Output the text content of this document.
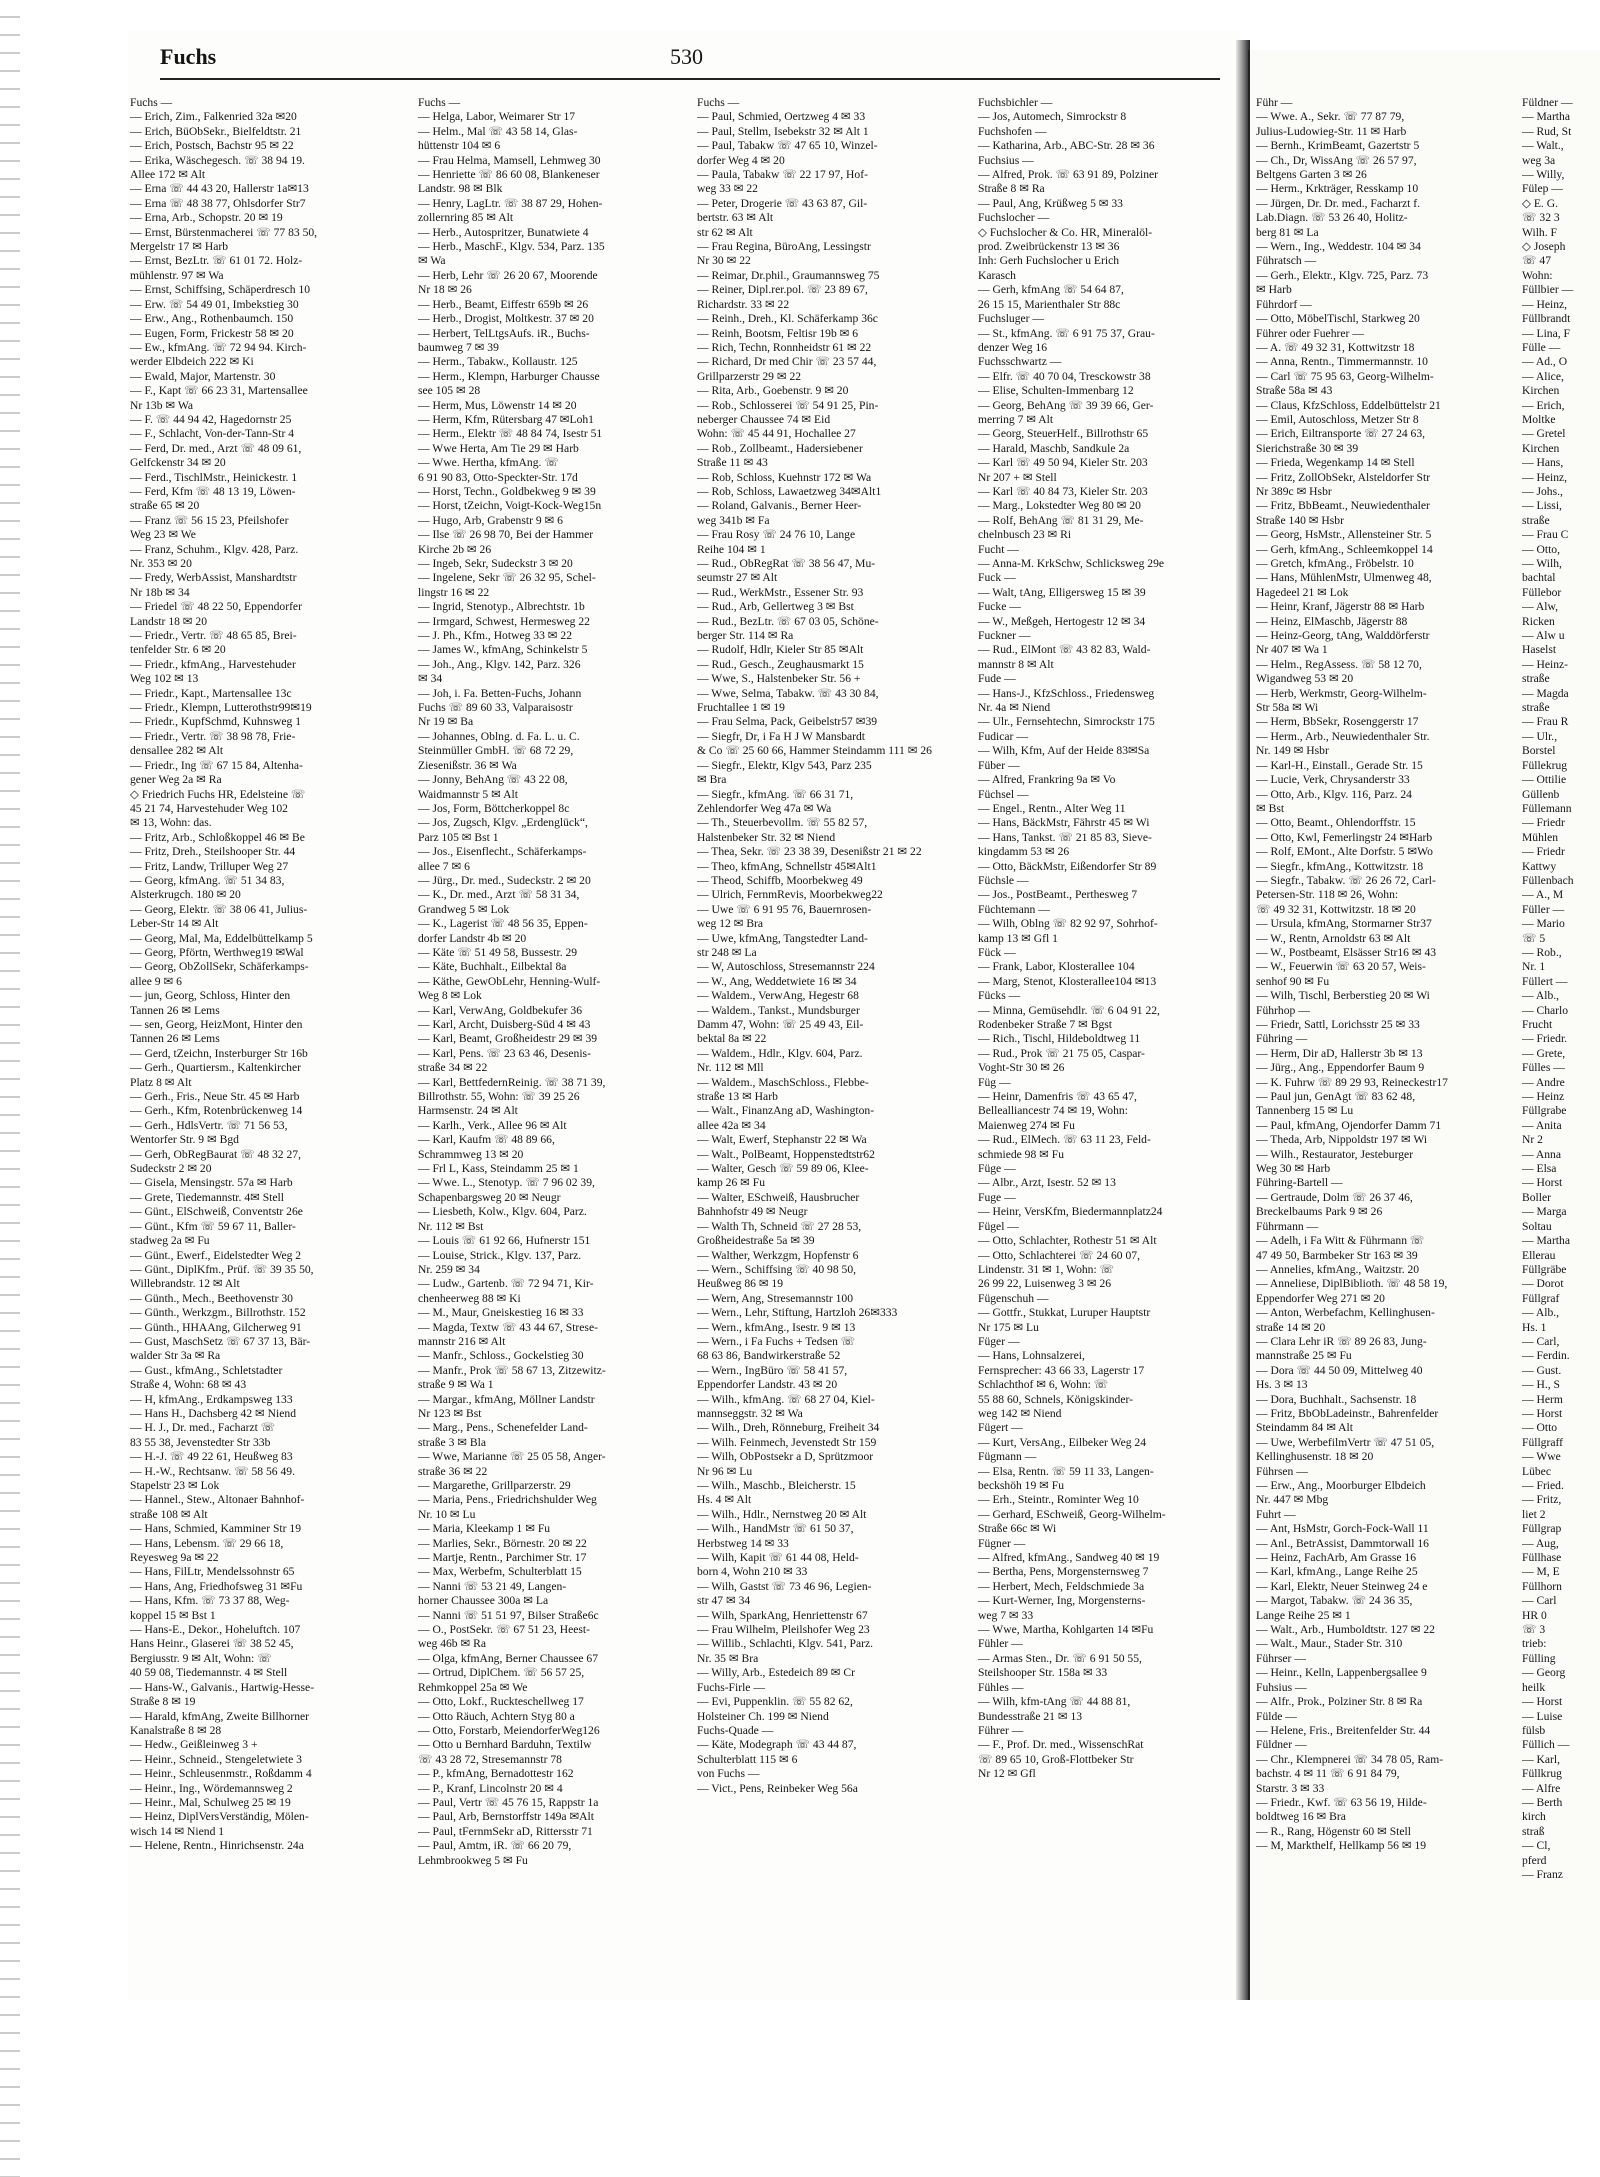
Fuchs	530
Fuchs —
— Erich, Zim., Falkenried 32a ✉20
— Erich, BüObSekr., Bielfeldtstr. 21
— Erich, Postsch, Bachstr 95 ✉ 22
— Erika, Wäschegesch. ☏ 38 94 19.
Allee 172 ✉ Alt
— Erna ☏ 44 43 20, Hallerstr 1a✉13
— Erna ☏ 48 38 77, Ohlsdorfer Str7
— Erna, Arb., Schopstr. 20 ✉ 19
— Ernst, Bürstenmacherei ☏ 77 83 50,
Mergelstr 17 ✉ Harb
— Ernst, BezLtr. ☏ 61 01 72. Holz-
mühlenstr. 97 ✉ Wa
— Ernst, Schiffsing, Schäperdresch 10
— Erw. ☏ 54 49 01, Imbekstieg 30
— Erw., Ang., Rothenbaumch. 150
— Eugen, Form, Frickestr 58 ✉ 20
— Ew., kfmAng. ☏ 72 94 94. Kirch-
werder Elbdeich 222 ✉ Ki
— Ewald, Major, Martenstr. 30
— F., Kapt ☏ 66 23 31, Martensallee
Nr 13b ✉ Wa
— F. ☏ 44 94 42, Hagedornstr 25
— F., Schlacht, Von-der-Tann-Str 4
— Ferd, Dr. med., Arzt ☏ 48 09 61,
Gelfckenstr 34 ✉ 20
— Ferd., TischlMstr., Heinickestr. 1
— Ferd, Kfm ☏ 48 13 19, Löwen-
straße 65 ✉ 20
— Franz ☏ 56 15 23, Pfeilshofer
Weg 23 ✉ We
— Franz, Schuhm., Klgv. 428, Parz.
Nr. 353 ✉ 20
— Fredy, WerbAssist, Manshardtstr
Nr 18b ✉ 34
— Friedel ☏ 48 22 50, Eppendorfer
Landstr 18 ✉ 20
— Friedr., Vertr. ☏ 48 65 85, Brei-
tenfelder Str. 6 ✉ 20
— Friedr., kfmAng., Harvestehuder
Weg 102 ✉ 13
— Friedr., Kapt., Martensallee 13c
— Friedr., Klempn, Lutterothstr99✉19
— Friedr., KupfSchmd, Kuhnsweg 1
— Friedr., Vertr. ☏ 38 98 78, Frie-
densallee 282 ✉ Alt
— Friedr., Ing ☏ 67 15 84, Altenha-
gener Weg 2a ✉ Ra
◇ Friedrich Fuchs HR, Edelsteine ☏
45 21 74, Harvestehuder Weg 102
✉ 13, Wohn: das.
— Fritz, Arb., Schloßkoppel 46 ✉ Be
— Fritz, Dreh., Steilshooper Str. 44
— Fritz, Landw, Trilluper Weg 27
— Georg, kfmAng. ☏ 51 34 83,
Alsterkrugch. 180 ✉ 20
— Georg, Elektr. ☏ 38 06 41, Julius-
Leber-Str 14 ✉ Alt
— Georg, Mal, Ma, Eddelbüttelkamp 5
— Georg, Pförtn, Werthweg19 ✉Wal
— Georg, ObZollSekr, Schäferkamps-
allee 9 ✉ 6
— jun, Georg, Schloss, Hinter den
Tannen 26 ✉ Lems
— sen, Georg, HeizMont, Hinter den
Tannen 26 ✉ Lems
— Gerd, tZeichn, Insterburger Str 16b
— Gerh., Quartiersm., Kaltenkircher
Platz 8 ✉ Alt
— Gerh., Fris., Neue Str. 45 ✉ Harb
— Gerh., Kfm, Rotenbrückenweg 14
— Gerh., HdlsVertr. ☏ 71 56 53,
Wentorfer Str. 9 ✉ Bgd
— Gerh, ObRegBaurat ☏ 48 32 27,
Sudeckstr 2 ✉ 20
— Gisela, Mensingstr. 57a ✉ Harb
— Grete, Tiedemannstr. 4✉ Stell
— Günt., ElSchweiß, Conventstr 26e
— Günt., Kfm ☏ 59 67 11, Baller-
stadweg 2a ✉ Fu
— Günt., Ewerf., Eidelstedter Weg 2
— Günt., DiplKfm., Prüf. ☏ 39 35 50,
Willebrandstr. 12 ✉ Alt
— Günth., Mech., Beethovenstr 30
— Günth., Werkzgm., Billrothstr. 152
— Günth., HHAAng, Gilcherweg 91
— Gust, MaschSetz ☏ 67 37 13, Bär-
walder Str 3a ✉ Ra
— Gust., kfmAng., Schletstadter
Straße 4, Wohn: 68 ✉ 43
— H, kfmAng., Erdkampsweg 133
— Hans H., Dachsberg 42 ✉ Niend
— H. J., Dr. med., Facharzt ☏
83 55 38, Jevenstedter Str 33b
— H.-J. ☏ 49 22 61, Heußweg 83
— H.-W., Rechtsanw. ☏ 58 56 49.
Stapelstr 23 ✉ Lok
— Hannel., Stew., Altonaer Bahnhof-
straße 108 ✉ Alt
— Hans, Schmied, Kamminer Str 19
— Hans, Lebensm. ☏ 29 66 18,
Reyesweg 9a ✉ 22
— Hans, FilLtr, Mendelssohnstr 65
— Hans, Ang, Friedhofsweg 31 ✉Fu
— Hans, Kfm. ☏ 73 37 88, Weg-
koppel 15 ✉ Bst 1
— Hans-E., Dekor., Hoheluftch. 107
Hans Heinr., Glaserei ☏ 38 52 45,
Bergiusstr. 9 ✉ Alt, Wohn: ☏
40 59 08, Tiedemannstr. 4 ✉ Stell
— Hans-W., Galvanis., Hartwig-Hesse-
Straße 8 ✉ 19
— Harald, kfmAng, Zweite Billhorner
Kanalstraße 8 ✉ 28
— Hedw., Geißleinweg 3 +
— Heinr., Schneid., Stengeletwiete 3
— Heinr., Schleusenmstr., Roßdamm 4
— Heinr., Ing., Wördemannsweg 2
— Heinr., Mal, Schulweg 25 ✉ 19
— Heinz, DiplVersVerständig, Mölen-
wisch 14 ✉ Niend 1
— Helene, Rentn., Hinrichsenstr. 24a
Fuchs —
— Helga, Labor, Weimarer Str 17
— Helm., Mal ☏ 43 58 14, Glas-
hüttenstr 104 ✉ 6
— Frau Helma, Mamsell, Lehmweg 30
— Henriette ☏ 86 60 08, Blankeneser
Landstr. 98 ✉ Blk
— Henry, LagLtr. ☏ 38 87 29, Hohen-
zollernring 85 ✉ Alt
— Herb., Autospritzer, Bunatwiete 4
— Herb., MaschF., Klgv. 534, Parz. 135
✉ Wa
— Herb, Lehr ☏ 26 20 67, Moorende
Nr 18 ✉ 26
— Herb., Beamt, Eiffestr 659b ✉ 26
— Herb., Drogist, Moltkestr. 37 ✉ 20
— Herbert, TelLtgsAufs. iR., Buchs-
baumweg 7 ✉ 39
— Herm., Tabakw., Kollaustr. 125
— Herm., Klempn, Harburger Chausse
see 105 ✉ 28
— Herm, Mus, Löwenstr 14 ✉ 20
— Herm, Kfm, Rütersbarg 47 ✉Loh1
— Herm., Elektr ☏ 48 84 74, Isestr 51
— Wwe Herta, Am Tie 29 ✉ Harb
— Wwe. Hertha, kfmAng. ☏
6 91 90 83, Otto-Speckter-Str. 17d
— Horst, Techn., Goldbekweg 9 ✉ 39
— Horst, tZeichn, Voigt-Kock-Weg15n
— Hugo, Arb, Grabenstr 9 ✉ 6
— Ilse ☏ 26 98 70, Bei der Hammer
Kirche 2b ✉ 26
— Ingeb, Sekr, Sudeckstr 3 ✉ 20
— Ingelene, Sekr ☏ 26 32 95, Schel-
lingstr 16 ✉ 22
— Ingrid, Stenotyp., Albrechtstr. 1b
— Irmgard, Schwest, Hermesweg 22
— J. Ph., Kfm., Hotweg 33 ✉ 22
— James W., kfmAng, Schinkelstr 5
— Joh., Ang., Klgv. 142, Parz. 326
✉ 34
— Joh, i. Fa. Betten-Fuchs, Johann
Fuchs ☏ 89 60 33, Valparaisostr
Nr 19 ✉ Ba
— Johannes, Oblng. d. Fa. L. u. C.
Steinmüller GmbH. ☏ 68 72 29,
Ziesenißstr. 36 ✉ Wa
— Jonny, BehAng ☏ 43 22 08,
Waidmannstr 5 ✉ Alt
— Jos, Form, Böttcherkoppel 8c
— Jos, Zugsch, Klgv. „Erdenglück“,
Parz 105 ✉ Bst 1
— Jos., Eisenflecht., Schäferkamps-
allee 7 ✉ 6
— Jürg., Dr. med., Sudeckstr. 2 ✉ 20
— K., Dr. med., Arzt ☏ 58 31 34,
Grandweg 5 ✉ Lok
— K., Lagerist ☏ 48 56 35, Eppen-
dorfer Landstr 4b ✉ 20
— Käte ☏ 51 49 58, Bussestr. 29
— Käte, Buchhalt., Eilbektal 8a
— Käthe, GewObLehr, Henning-Wulf-
Weg 8 ✉ Lok
— Karl, VerwAng, Goldbekufer 36
— Karl, Archt, Duisberg-Süd 4 ✉ 43
— Karl, Beamt, Großheidestr 29 ✉ 39
— Karl, Pens. ☏ 23 63 46, Desenis-
straße 34 ✉ 22
— Karl, BettfedernReinig. ☏ 38 71 39,
Billrothstr. 55, Wohn: ☏ 39 25 26
Harmsenstr. 24 ✉ Alt
— Karlh., Verk., Allee 96 ✉ Alt
— Karl, Kaufm ☏ 48 89 66,
Schrammweg 13 ✉ 20
— Frl L, Kass, Steindamm 25 ✉ 1
— Wwe. L., Stenotyp. ☏ 7 96 02 39,
Schapenbargsweg 20 ✉ Neugr
— Liesbeth, Kolw., Klgv. 604, Parz.
Nr. 112 ✉ Bst
— Louis ☏ 61 92 66, Hufnerstr 151
— Louise, Strick., Klgv. 137, Parz.
Nr. 259 ✉ 34
— Ludw., Gartenb. ☏ 72 94 71, Kir-
chenheerweg 88 ✉ Ki
— M., Maur, Gneiskestieg 16 ✉ 33
— Magda, Textw ☏ 43 44 67, Strese-
mannstr 216 ✉ Alt
— Manfr., Schloss., Gockelstieg 30
— Manfr., Prok ☏ 58 67 13, Zitzewitz-
straße 9 ✉ Wa 1
— Margar., kfmAng, Möllner Landstr
Nr 123 ✉ Bst
— Marg., Pens., Schenefelder Land-
straße 3 ✉ Bla
— Wwe, Marianne ☏ 25 05 58, Anger-
straße 36 ✉ 22
— Margarethe, Grillparzerstr. 29
— Maria, Pens., Friedrichshulder Weg
Nr. 10 ✉ Lu
— Maria, Kleekamp 1 ✉ Fu
— Marlies, Sekr., Börnestr. 20 ✉ 22
— Martje, Rentn., Parchimer Str. 17
— Max, Werbefm, Schulterblatt 15
— Nanni ☏ 53 21 49, Langen-
horner Chaussee 300a ✉ La
— Nanni ☏ 51 51 97, Bilser Straße6c
— O., PostSekr. ☏ 67 51 23, Heest-
weg 46b ✉ Ra
— Olga, kfmAng, Berner Chaussee 67
— Ortrud, DiplChem. ☏ 56 57 25,
Rehmkoppel 25a ✉ We
— Otto, Lokf., Ruckteschellweg 17
— Otto Räuch, Achtern Styg 80 a
— Otto, Forstarb, MeiendorferWeg126
— Otto u Bernhard Barduhn, Textilw
☏ 43 28 72, Stresemannstr 78
— P., kfmAng, Bernadottestr 162
— P., Kranf, Lincolnstr 20 ✉ 4
— Paul, Vertr ☏ 45 76 15, Rappstr 1a
— Paul, Arb, Bernstorffstr 149a ✉Alt
— Paul, tFernmSekr aD, Rittersstr 71
— Paul, Amtm, iR. ☏ 66 20 79,
Lehmbrookweg 5 ✉ Fu
Fuchs —
— Paul, Schmied, Oertzweg 4 ✉ 33
— Paul, Stellm, Isebekstr 32 ✉ Alt 1
— Paul, Tabakw ☏ 47 65 10, Winzel-
dorfer Weg 4 ✉ 20
— Paula, Tabakw ☏ 22 17 97, Hof-
weg 33 ✉ 22
— Peter, Drogerie ☏ 43 63 87, Gil-
bertstr. 63 ✉ Alt
str 62 ✉ Alt
— Frau Regina, BüroAng, Lessingstr
Nr 30 ✉ 22
— Reimar, Dr.phil., Graumannsweg 75
— Reiner, Dipl.rer.pol. ☏ 23 89 67,
Richardstr. 33 ✉ 22
— Reinh., Dreh., Kl. Schäferkamp 36c
— Reinh, Bootsm, Feltisr 19b ✉ 6
— Rich, Techn, Ronnheidstr 61 ✉ 22
— Richard, Dr med Chir ☏ 23 57 44,
Grillparzerstr 29 ✉ 22
— Rita, Arb., Goebenstr. 9 ✉ 20
— Rob., Schlosserei ☏ 54 91 25, Pin-
neberger Chaussee 74 ✉ Eid
Wohn: ☏ 45 44 91, Hochallee 27
— Rob., Zollbeamt., Hadersiebener
Straße 11 ✉ 43
— Rob, Schloss, Kuehnstr 172 ✉ Wa
— Rob, Schloss, Lawaetzweg 34✉Alt1
— Roland, Galvanis., Berner Heer-
weg 341b ✉ Fa
— Frau Rosy ☏ 24 76 10, Lange
Reihe 104 ✉ 1
— Rud., ObRegRat ☏ 38 56 47, Mu-
seumstr 27 ✉ Alt
— Rud., WerkMstr., Essener Str. 93
— Rud., Arb, Gellertweg 3 ✉ Bst
— Rud., BezLtr. ☏ 67 03 05, Schöne-
berger Str. 114 ✉ Ra
— Rudolf, Hdlr, Kieler Str 85 ✉Alt
— Rud., Gesch., Zeughausmarkt 15
— Wwe, S., Halstenbeker Str. 56 +
— Wwe, Selma, Tabakw. ☏ 43 30 84,
Fruchtallee 1 ✉ 19
— Frau Selma, Pack, Geibelstr57 ✉39
— Siegfr, Dr, i Fa H J W Mansbardt
& Co ☏ 25 60 66, Hammer Steindamm 111 ✉ 26
— Siegfr., Elektr, Klgv 543, Parz 235
✉ Bra
— Siegfr., kfmAng. ☏ 66 31 71,
Zehlendorfer Weg 47a ✉ Wa
— Th., Steuerbevollm. ☏ 55 82 57,
Halstenbeker Str. 32 ✉ Niend
— Thea, Sekr. ☏ 23 38 39, Desenißstr 21 ✉ 22
— Theo, kfmAng, Schnellstr 45✉Alt1
— Theod, Schiffb, Moorbekweg 49
— Ulrich, FernmRevis, Moorbekweg22
— Uwe ☏ 6 91 95 76, Bauernrosen-
weg 12 ✉ Bra
— Uwe, kfmAng, Tangstedter Land-
str 248 ✉ La
— W, Autoschloss, Stresemannstr 224
— W., Ang, Weddetwiete 16 ✉ 34
— Waldem., VerwAng, Hegestr 68
— Waldem., Tankst., Mundsburger
Damm 47, Wohn: ☏ 25 49 43, Eil-
bektal 8a ✉ 22
— Waldem., Hdlr., Klgv. 604, Parz.
Nr. 112 ✉ Mll
— Waldem., MaschSchloss., Flebbe-
straße 13 ✉ Harb
— Walt., FinanzAng aD, Washington-
allee 42a ✉ 34
— Walt, Ewerf, Stephanstr 22 ✉ Wa
— Walt., PolBeamt, Hoppenstedtstr62
— Walter, Gesch ☏ 59 89 06, Klee-
kamp 26 ✉ Fu
— Walter, ESchweiß, Hausbrucher
Bahnhofstr 49 ✉ Neugr
— Walth Th, Schneid ☏ 27 28 53,
Großheidestraße 5a ✉ 39
— Walther, Werkzgm, Hopfenstr 6
— Wern., Schiffsing ☏ 40 98 50,
Heußweg 86 ✉ 19
— Wern, Ang, Stresemannstr 100
— Wern., Lehr, Stiftung, Hartzloh 26✉333
— Wern., kfmAng., Isestr. 9 ✉ 13
— Wern., i Fa Fuchs + Tedsen ☏
68 63 86, Bandwirkerstraße 52
— Wern., IngBüro ☏ 58 41 57,
Eppendorfer Landstr. 43 ✉ 20
— Wilh., kfmAng. ☏ 68 27 04, Kiel-
mannseggstr. 32 ✉ Wa
— Wilh., Dreh, Rönneburg, Freiheit 34
— Wilh. Feinmech, Jevenstedt Str 159
— Wilh, ObPostsekr a D, Sprützmoor
Nr 96 ✉ Lu
— Wilh., Maschb., Bleicherstr. 15
Hs. 4 ✉ Alt
— Wilh., Hdlr., Nernstweg 20 ✉ Alt
— Wilh., HandMstr ☏ 61 50 37,
Herbstweg 14 ✉ 33
— Wilh, Kapit ☏ 61 44 08, Held-
born 4, Wohn 210 ✉ 33
— Wilh, Gastst ☏ 73 46 96, Legien-
str 47 ✉ 34
— Wilh, SparkAng, Henriettenstr 67
— Frau Wilhelm, Pleilshofer Weg 23
— Willib., Schlachti, Klgv. 541, Parz.
Nr. 35 ✉ Bra
— Willy, Arb., Estedeich 89 ✉ Cr
Fuchs-Firle —
— Evi, Puppenklin. ☏ 55 82 62,
Holsteiner Ch. 199 ✉ Niend
Fuchs-Quade —
— Käte, Modegraph ☏ 43 44 87,
Schulterblatt 115 ✉ 6
von Fuchs —
— Vict., Pens, Reinbeker Weg 56a
Fuchsbichler —
— Jos, Automech, Simrockstr 8
Fuchshofen —
— Katharina, Arb., ABC-Str. 28 ✉ 36
Fuchsius —
— Alfred, Prok. ☏ 63 91 89, Polziner
Straße 8 ✉ Ra
— Paul, Ang, Krüßweg 5 ✉ 33
Fuchslocher —
◇ Fuchslocher & Co. HR, Mineralöl-
prod. Zweibrückenstr 13 ✉ 36
Inh: Gerh Fuchslocher u Erich
Karasch
— Gerh, kfmAng ☏ 54 64 87,
26 15 15, Marienthaler Str 88c
Fuchsluger —
— St., kfmAng. ☏ 6 91 75 37, Grau-
denzer Weg 16
Fuchsschwartz —
— Elfr. ☏ 40 70 04, Tresckowstr 38
— Elise, Schulten-Immenbarg 12
— Georg, BehAng ☏ 39 39 66, Ger-
merring 7 ✉ Alt
— Georg, SteuerHelf., Billrothstr 65
— Harald, Maschb, Sandkule 2a
— Karl ☏ 49 50 94, Kieler Str. 203
Nr 207 + ✉ Stell
— Karl ☏ 40 84 73, Kieler Str. 203
— Marg., Lokstedter Weg 80 ✉ 20
— Rolf, BehAng ☏ 81 31 29, Me-
chelnbusch 23 ✉ Ri
Fucht —
— Anna-M. KrkSchw, Schlicksweg 29e
Fuck —
— Walt, tAng, Elligersweg 15 ✉ 39
Fucke —
— W., Meßgeh, Hertogestr 12 ✉ 34
Fuckner —
— Rud., ElMont ☏ 43 82 83, Wald-
mannstr 8 ✉ Alt
Fude —
— Hans-J., KfzSchloss., Friedensweg
Nr. 4a ✉ Niend
— Ulr., Fernsehtechn, Simrockstr 175
Fudicar —
— Wilh, Kfm, Auf der Heide 83✉Sa
Füber —
— Alfred, Frankring 9a ✉ Vo
Füchsel —
— Engel., Rentn., Alter Weg 11
— Hans, BäckMstr, Fährstr 45 ✉ Wi
— Hans, Tankst. ☏ 21 85 83, Sieve-
kingdamm 53 ✉ 26
— Otto, BäckMstr, Eißendorfer Str 89
Füchsle —
— Jos., PostBeamt., Perthesweg 7
Füchtemann —
— Wilh, Oblng ☏ 82 92 97, Sohrhof-
kamp 13 ✉ Gfl 1
Fück —
— Frank, Labor, Klosterallee 104
— Marg, Stenot, Klosterallee104 ✉13
Fücks —
— Minna, Gemüsehdlr. ☏ 6 04 91 22,
Rodenbeker Straße 7 ✉ Bgst
— Rich., Tischl, Hildeboldtweg 11
— Rud., Prok ☏ 21 75 05, Caspar-
Voght-Str 30 ✉ 26
Füg —
— Heinr, Damenfris ☏ 43 65 47,
Bellealliancestr 74 ✉ 19, Wohn:
Maienweg 274 ✉ Fu
— Rud., ElMech. ☏ 63 11 23, Feld-
schmiede 98 ✉ Fu
Füge —
— Albr., Arzt, Isestr. 52 ✉ 13
Fuge —
— Heinr, VersKfm, Biedermannplatz24
Fügel —
— Otto, Schlachter, Rothestr 51 ✉ Alt
— Otto, Schlachterei ☏ 24 60 07,
Lindenstr. 31 ✉ 1, Wohn: ☏
26 99 22, Luisenweg 3 ✉ 26
Fügenschuh —
— Gottfr., Stukkat, Luruper Hauptstr
Nr 175 ✉ Lu
Füger —
— Hans, Lohnsalzerei,
Fernsprecher: 43 66 33, Lagerstr 17
Schlachthof ✉ 6, Wohn: ☏
55 88 60, Schnels, Königskinder-
weg 142 ✉ Niend
Fügert —
— Kurt, VersAng., Eilbeker Weg 24
Fügmann —
— Elsa, Rentn. ☏ 59 11 33, Langen-
beckshöh 19 ✉ Fu
— Erh., Steintr., Rominter Weg 10
— Gerhard, ESchweiß, Georg-Wilhelm-
Straße 66c ✉ Wi
Fügner —
— Alfred, kfmAng., Sandweg 40 ✉ 19
— Bertha, Pens, Morgensternsweg 7
— Herbert, Mech, Feldschmiede 3a
— Kurt-Werner, Ing, Morgensterns-
weg 7 ✉ 33
— Wwe, Martha, Kohlgarten 14 ✉Fu
Fühler —
— Armas Sten., Dr. ☏ 6 91 50 55,
Steilshooper Str. 158a ✉ 33
Fühles —
— Wilh, kfm-tAng ☏ 44 88 81,
Bundesstraße 21 ✉ 13
Führer —
— F., Prof. Dr. med., WissenschRat
☏ 89 65 10, Groß-Flottbeker Str
Nr 12 ✉ Gfl
Führ —
— Wwe. A., Sekr. ☏ 77 87 79,
Julius-Ludowieg-Str. 11 ✉ Harb
— Bernh., KrimBeamt, Gazertstr 5
— Ch., Dr, WissAng ☏ 26 57 97,
Beltgens Garten 3 ✉ 26
— Herm., Krkträger, Resskamp 10
— Jürgen, Dr. Dr. med., Facharzt f.
Lab.Diagn. ☏ 53 26 40, Holitz-
berg 81 ✉ La
— Wern., Ing., Weddestr. 104 ✉ 34
Führatsch —
— Gerh., Elektr., Klgv. 725, Parz. 73
✉ Harb
Führdorf —
— Otto, MöbelTischl, Starkweg 20
Führer oder Fuehrer —
— A. ☏ 49 32 31, Kottwitzstr 18
— Anna, Rentn., Timmermannstr. 10
— Carl ☏ 75 95 63, Georg-Wilhelm-
Straße 58a ✉ 43
— Claus, KfzSchloss, Eddelbüttelstr 21
— Emil, Autoschloss, Metzer Str 8
— Erich, Eiltransporte ☏ 27 24 63,
Sierichstraße 30 ✉ 39
— Frieda, Wegenkamp 14 ✉ Stell
— Fritz, ZollObSekr, Alsteldorfer Str
Nr 389c ✉ Hsbr
— Fritz, BbBeamt., Neuwiedenthaler
Straße 140 ✉ Hsbr
— Georg, HsMstr., Allensteiner Str. 5
— Gerh, kfmAng., Schleemkoppel 14
— Gretch, kfmAng., Fröbelstr. 10
— Hans, MühlenMstr, Ulmenweg 48,
Hagedeel 21 ✉ Lok
— Heinr, Kranf, Jägerstr 88 ✉ Harb
— Heinz, ElMaschb, Jägerstr 88
— Heinz-Georg, tAng, Walddörferstr
Nr 407 ✉ Wa 1
— Helm., RegAssess. ☏ 58 12 70,
Wigandweg 53 ✉ 20
— Herb, Werkmstr, Georg-Wilhelm-
Str 58a ✉ Wi
— Herm, BbSekr, Rosenggerstr 17
— Herm., Arb., Neuwiedenthaler Str.
Nr. 149 ✉ Hsbr
— Karl-H., Einstall., Gerade Str. 15
— Lucie, Verk, Chrysanderstr 33
— Otto, Arb., Klgv. 116, Parz. 24
✉ Bst
— Otto, Beamt., Ohlendorffstr. 15
— Otto, Kwl, Femerlingstr 24 ✉Harb
— Rolf, EMont., Alte Dorfstr. 5 ✉Wo
— Siegfr., kfmAng., Kottwitzstr. 18
— Siegfr., Tabakw. ☏ 26 26 72, Carl-
Petersen-Str. 118 ✉ 26, Wohn:
☏ 49 32 31, Kottwitzstr. 18 ✉ 20
— Ursula, kfmAng, Stormarner Str37
— W., Rentn, Arnoldstr 63 ✉ Alt
— W., Postbeamt, Elsässer Str16 ✉ 43
— W., Feuerwin ☏ 63 20 57, Weis-
senhof 90 ✉ Fu
— Wilh, Tischl, Berberstieg 20 ✉ Wi
Führhop —
— Friedr, Sattl, Lorichsstr 25 ✉ 33
Führing —
— Herm, Dir aD, Hallerstr 3b ✉ 13
— Jürg., Ang., Eppendorfer Baum 9
— K. Fuhrw ☏ 89 29 93, Reineckestr17
— Paul jun, GenAgt ☏ 83 62 48,
Tannenberg 15 ✉ Lu
— Paul, kfmAng, Ojendorfer Damm 71
— Theda, Arb, Nippoldstr 197 ✉ Wi
— Wilh., Restaurator, Jesteburger
Weg 30 ✉ Harb
Führing-Bartell —
— Gertraude, Dolm ☏ 26 37 46,
Breckelbaums Park 9 ✉ 26
Führmann —
— Adelh, i Fa Witt & Führmann ☏
47 49 50, Barmbeker Str 163 ✉ 39
— Annelies, kfmAng., Waitzstr. 20
— Anneliese, DiplBiblioth. ☏ 48 58 19,
Eppendorfer Weg 271 ✉ 20
— Anton, Werbefachm, Kellinghusen-
straße 14 ✉ 20
— Clara Lehr iR ☏ 89 26 83, Jung-
mannstraße 25 ✉ Fu
— Dora ☏ 44 50 09, Mittelweg 40
Hs. 3 ✉ 13
— Dora, Buchhalt., Sachsenstr. 18
— Fritz, BbObLadeinstr., Bahrenfelder
Steindamm 84 ✉ Alt
— Uwe, WerbefilmVertr ☏ 47 51 05,
Kellinghusenstr. 18 ✉ 20
Führsen —
— Erw., Ang., Moorburger Elbdeich
Nr. 447 ✉ Mbg
Fuhrt —
— Ant, HsMstr, Gorch-Fock-Wall 11
— Anl., BetrAssist, Dammtorwall 16
— Heinz, FachArb, Am Grasse 16
— Karl, kfmAng., Lange Reihe 25
— Karl, Elektr, Neuer Steinweg 24 e
— Margot, Tabakw. ☏ 24 36 35,
Lange Reihe 25 ✉ 1
— Walt., Arb., Humboldtstr. 127 ✉ 22
— Walt., Maur., Stader Str. 310
Führser —
— Heinr., Kelln, Lappenbergsallee 9
Fuhsius —
— Alfr., Prok., Polziner Str. 8 ✉ Ra
Fülde —
— Helene, Fris., Breitenfelder Str. 44
Füldner —
— Chr., Klempnerei ☏ 34 78 05, Ram-
bachstr. 4 ✉ 11 ☏ 6 91 84 79,
Starstr. 3 ✉ 33
— Friedr., Kwf. ☏ 63 56 19, Hilde-
boldtweg 16 ✉ Bra
— R., Rang, Högenstr 60 ✉ Stell
— M, Markthelf, Hellkamp 56 ✉ 19
Füldner —
— Martha
— Rud, St
— Walt.,
weg 3a
— Willy,
Fülep —
◇ E. G.
☏ 32 3
Wilh. F
◇ Joseph
☏ 47
Wohn:
Füllbier —
— Heinz,
Füllbrandt
— Lina, F
Fülle —
— Ad., O
— Alice,
Kirchen
— Erich,
Moltke
— Gretel
Kirchen
— Hans,
— Heinz,
— Johs.,
— Lissi,
straße
— Frau C
— Otto,
— Wilh,
bachtal
Füllebor
— Alw,
Ricken
— Alw u
Haselst
— Heinz-
straße
— Magda
straße
— Frau R
— Ulr.,
Borstel
Füllekrug
— Ottilie
Güllenb
Füllemann
— Friedr
Mühlen
— Friedr
Kattwy
Füllenbach
— A., M
Füller —
— Mario
☏ 5
— Rob.,
Nr. 1
Füllert —
— Alb.,
— Charlo
Frucht
— Friedr.
— Grete,
Fülles —
— Andre
— Heinz
Füllgrabe
— Anita
Nr 2
— Anna
— Elsa
— Horst
Boller
— Marga
Soltau
— Martha
Ellerau
Füllgräbe
— Dorot
Füllgraf
— Alb.,
Hs. 1
— Carl,
— Ferdin.
— Gust.
— H., S
— Herm
— Horst
— Otto
Füllgraff
— Wwe
Lübec
— Fried.
— Fritz,
liet 2
Füllgrap
— Aug,
Füllhase
— M, E
Füllhorn
— Carl
HR 0
☏ 3
trieb:
Fülling
— Georg
heilk
— Horst
— Luise
fülsb
Füllich —
— Karl,
Füllkrug
— Alfre
— Berth
kirch
straß
— Cl,
pferd
— Franz
